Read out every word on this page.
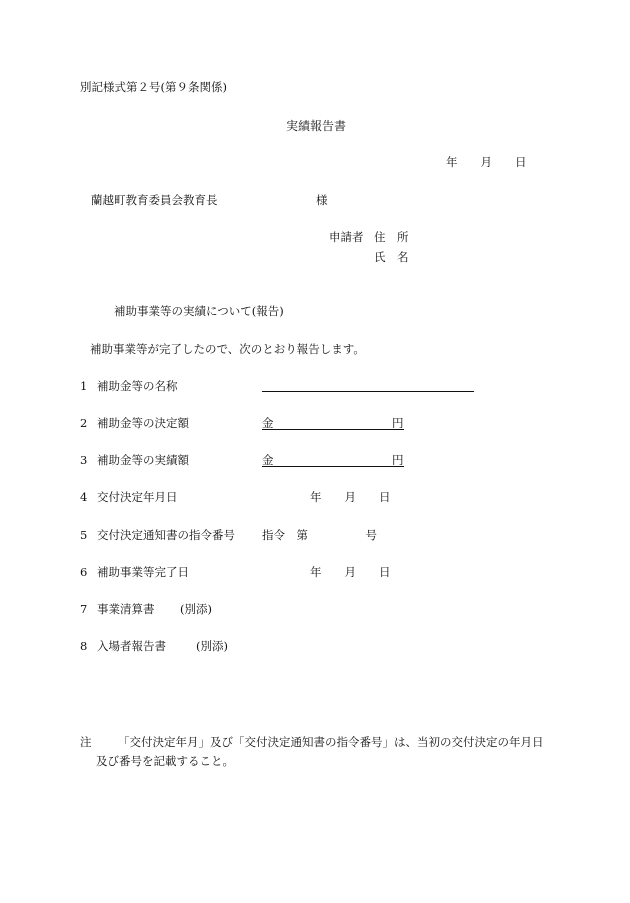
別記様式第２号(第９条関係)
実績報告書
年　　月　　日
蘭越町教育委員会教育長	様
申請者 住　所
氏　名
補助事業等の実績について(報告)
補助事業等が完了したので、次のとおり報告します。
1 補助金等の名称
2 補助金等の決定額	金	円
3 補助金等の実績額	金	円
4 交付決定年月日	年　　月　　日
5 交付決定通知書の指令番号 指令　第　　　　　号
6 補助事業等完了日	年　　月　　日
7 事業清算書 (別添)
8 入場者報告書	(別添)
注 「交付決定年月」及び「交付決定通知書の指令番号」は、当初の交付決定の年月日
及び番号を記載すること。
